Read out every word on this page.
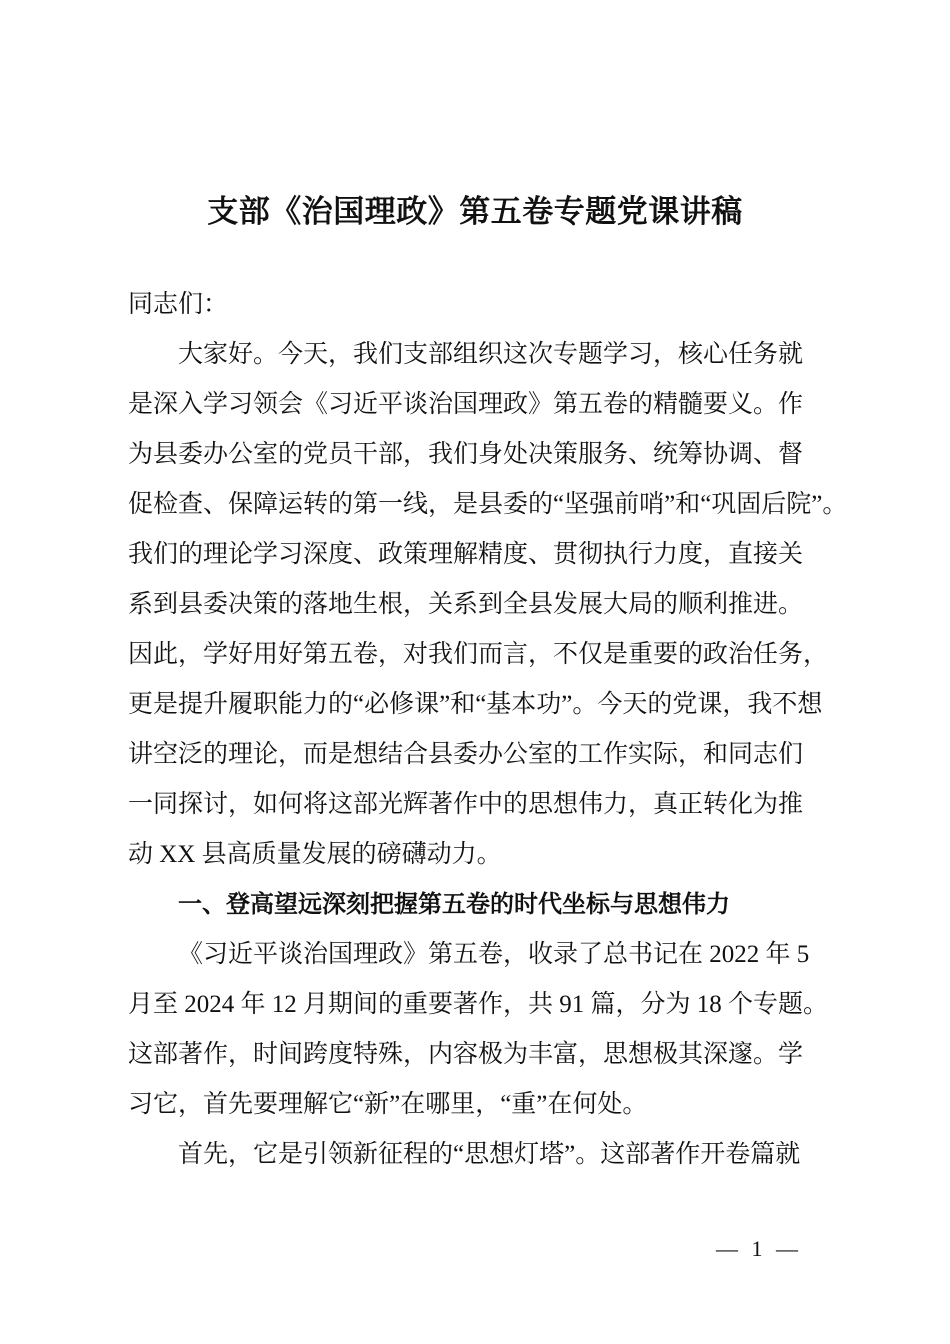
支部《治国理政》第五卷专题党课讲稿
同志们：
大家好。今天，我们支部组织这次专题学习，核心任务就
是深入学习领会《习近平谈治国理政》第五卷的精髓要义。作
为县委办公室的党员干部，我们身处决策服务、统筹协调、督
促检查、保障运转的第一线，是县委的“坚强前哨”和“巩固后院”。
我们的理论学习深度、政策理解精度、贯彻执行力度，直接关
系到县委决策的落地生根，关系到全县发展大局的顺利推进。
因此，学好用好第五卷，对我们而言，不仅是重要的政治任务，
更是提升履职能力的“必修课”和“基本功”。今天的党课，我不想
讲空泛的理论，而是想结合县委办公室的工作实际，和同志们
一同探讨，如何将这部光辉著作中的思想伟力，真正转化为推
动 XX 县高质量发展的磅礴动力。
一、登高望远深刻把握第五卷的时代坐标与思想伟力
《习近平谈治国理政》第五卷，收录了总书记在 2022 年 5
月至 2024 年 12 月期间的重要著作，共 91 篇，分为 18 个专题。
这部著作，时间跨度特殊，内容极为丰富，思想极其深邃。学
习它，首先要理解它“新”在哪里，“重”在何处。
首先，它是引领新征程的“思想灯塔”。这部著作开卷篇就
— 1 —
